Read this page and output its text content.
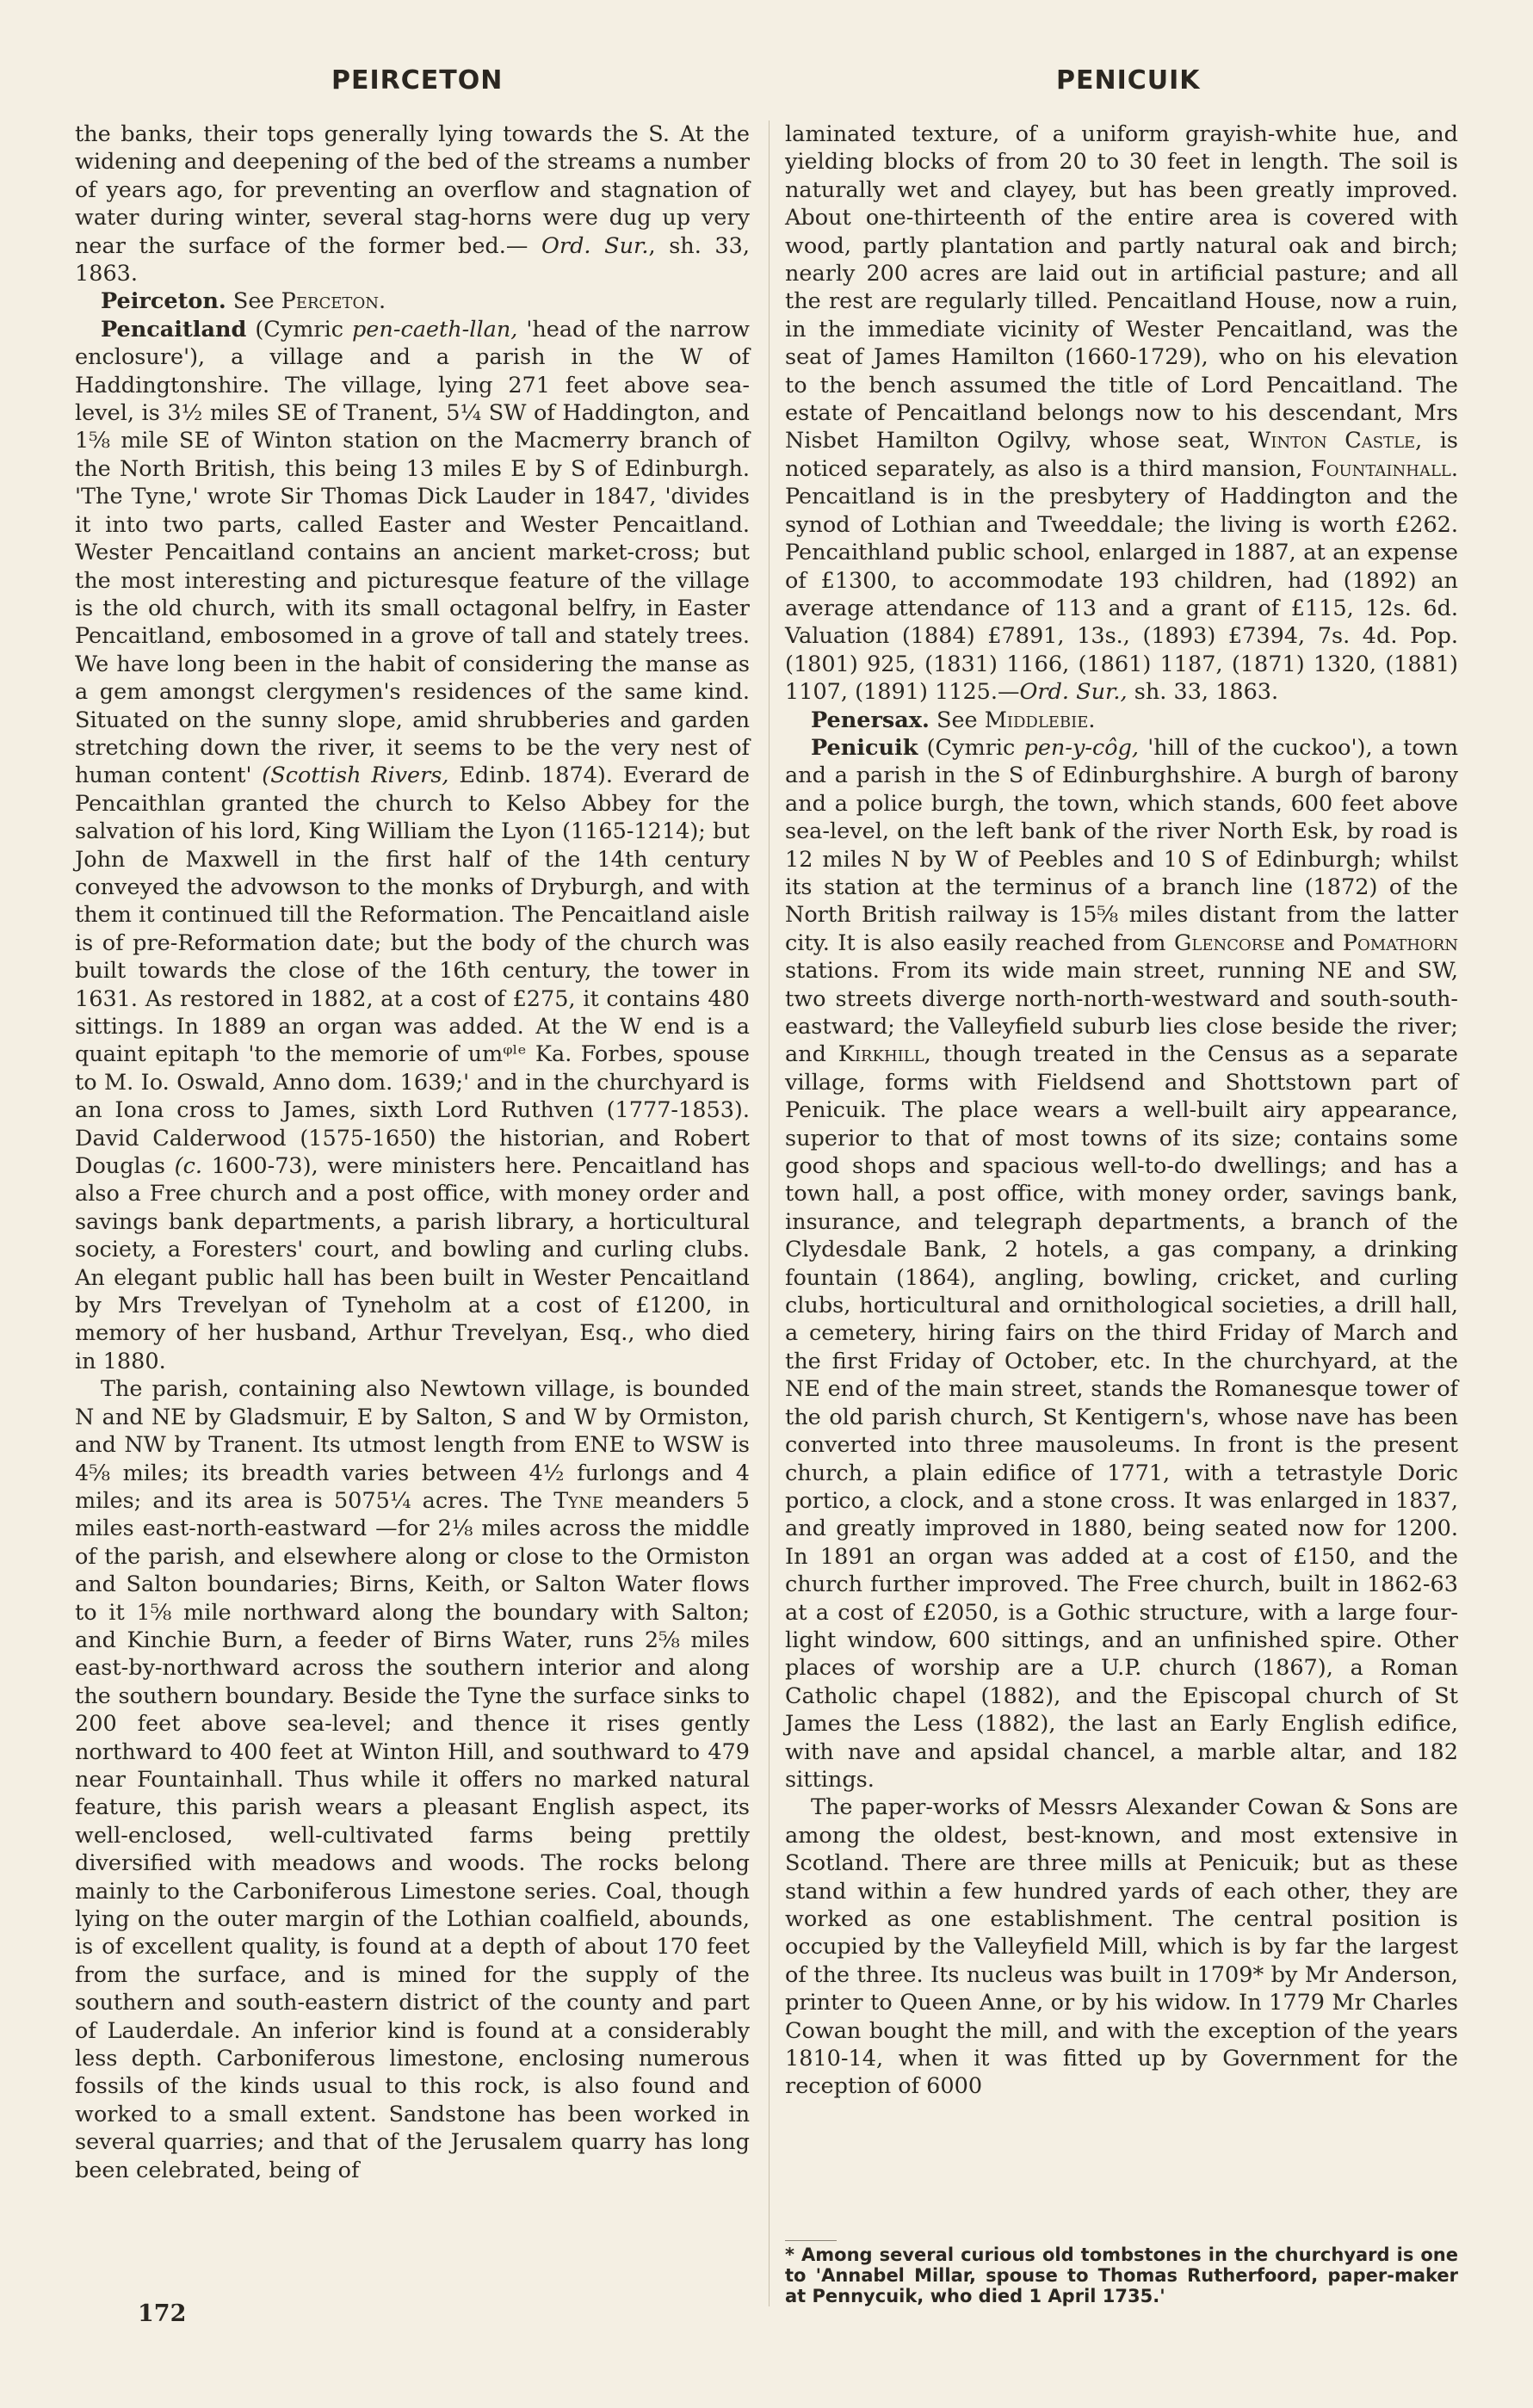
PEIRCETON	PENICUIK

the banks, their tops generally lying towards the S. At the widening and deepening of the bed of the streams a number of years ago, for preventing an overflow and stagnation of water during winter, several stag-horns were dug up very near the surface of the former bed.— Ord. Sur., sh. 33, 1863.

Peirceton. See Perceton.

Pencaitland (Cymric pen-caeth-llan, 'head of the narrow enclosure'), a village and a parish in the W of Haddingtonshire. The village, lying 271 feet above sea-level, is 3½ miles SE of Tranent, 5¼ SW of Haddington, and 1⅝ mile SE of Winton station on the Macmerry branch of the North British, this being 13 miles E by S of Edinburgh. 'The Tyne,' wrote Sir Thomas Dick Lauder in 1847, 'divides it into two parts, called Easter and Wester Pencaitland. Wester Pencaitland contains an ancient market-cross; but the most interesting and picturesque feature of the village is the old church, with its small octagonal belfry, in Easter Pencaitland, embosomed in a grove of tall and stately trees. We have long been in the habit of considering the manse as a gem amongst clergymen's residences of the same kind. Situated on the sunny slope, amid shrubberies and garden stretching down the river, it seems to be the very nest of human content' (Scottish Rivers, Edinb. 1874). Everard de Pencaithlan granted the church to Kelso Abbey for the salvation of his lord, King William the Lyon (1165-1214); but John de Maxwell in the first half of the 14th century conveyed the advowson to the monks of Dryburgh, and with them it continued till the Reformation. The Pencaitland aisle is of pre-Reformation date; but the body of the church was built towards the close of the 16th century, the tower in 1631. As restored in 1882, at a cost of £275, it contains 480 sittings. In 1889 an organ was added. At the W end is a quaint epitaph 'to the memorie of umᵠˡᵉ Ka. Forbes, spouse to M. Io. Oswald, Anno dom. 1639;' and in the churchyard is an Iona cross to James, sixth Lord Ruthven (1777-1853). David Calderwood (1575-1650) the historian, and Robert Douglas (c. 1600-73), were ministers here. Pencaitland has also a Free church and a post office, with money order and savings bank departments, a parish library, a horticultural society, a Foresters' court, and bowling and curling clubs. An elegant public hall has been built in Wester Pencaitland by Mrs Trevelyan of Tyneholm at a cost of £1200, in memory of her husband, Arthur Trevelyan, Esq., who died in 1880.

The parish, containing also Newtown village, is bounded N and NE by Gladsmuir, E by Salton, S and W by Ormiston, and NW by Tranent. Its utmost length from ENE to WSW is 4⅝ miles; its breadth varies between 4½ furlongs and 4 miles; and its area is 5075¼ acres. The Tyne meanders 5 miles east-north-eastward —for 2⅛ miles across the middle of the parish, and elsewhere along or close to the Ormiston and Salton boundaries; Birns, Keith, or Salton Water flows to it 1⅝ mile northward along the boundary with Salton; and Kinchie Burn, a feeder of Birns Water, runs 2⅝ miles east-by-northward across the southern interior and along the southern boundary. Beside the Tyne the surface sinks to 200 feet above sea-level; and thence it rises gently northward to 400 feet at Winton Hill, and southward to 479 near Fountainhall. Thus while it offers no marked natural feature, this parish wears a pleasant English aspect, its well-enclosed, well-cultivated farms being prettily diversified with meadows and woods. The rocks belong mainly to the Carboniferous Limestone series. Coal, though lying on the outer margin of the Lothian coalfield, abounds, is of excellent quality, is found at a depth of about 170 feet from the surface, and is mined for the supply of the southern and south-eastern district of the county and part of Lauderdale. An inferior kind is found at a considerably less depth. Carboniferous limestone, enclosing numerous fossils of the kinds usual to this rock, is also found and worked to a small extent. Sandstone has been worked in several quarries; and that of the Jerusalem quarry has long been celebrated, being of

laminated texture, of a uniform grayish-white hue, and yielding blocks of from 20 to 30 feet in length. The soil is naturally wet and clayey, but has been greatly improved. About one-thirteenth of the entire area is covered with wood, partly plantation and partly natural oak and birch; nearly 200 acres are laid out in artificial pasture; and all the rest are regularly tilled. Pencaitland House, now a ruin, in the immediate vicinity of Wester Pencaitland, was the seat of James Hamilton (1660-1729), who on his elevation to the bench assumed the title of Lord Pencaitland. The estate of Pencaitland belongs now to his descendant, Mrs Nisbet Hamilton Ogilvy, whose seat, Winton Castle, is noticed separately, as also is a third mansion, Fountainhall. Pencaitland is in the presbytery of Haddington and the synod of Lothian and Tweeddale; the living is worth £262. Pencaithland public school, enlarged in 1887, at an expense of £1300, to accommodate 193 children, had (1892) an average attendance of 113 and a grant of £115, 12s. 6d. Valuation (1884) £7891, 13s., (1893) £7394, 7s. 4d. Pop. (1801) 925, (1831) 1166, (1861) 1187, (1871) 1320, (1881) 1107, (1891) 1125.—Ord. Sur., sh. 33, 1863.

Penersax. See Middlebie.

Penicuik (Cymric pen-y-côg, 'hill of the cuckoo'), a town and a parish in the S of Edinburghshire. A burgh of barony and a police burgh, the town, which stands, 600 feet above sea-level, on the left bank of the river North Esk, by road is 12 miles N by W of Peebles and 10 S of Edinburgh; whilst its station at the terminus of a branch line (1872) of the North British railway is 15⅝ miles distant from the latter city. It is also easily reached from Glencorse and Pomathorn stations. From its wide main street, running NE and SW, two streets diverge north-north-westward and south-south-eastward; the Valleyfield suburb lies close beside the river; and Kirkhill, though treated in the Census as a separate village, forms with Fieldsend and Shottstown part of Penicuik. The place wears a well-built airy appearance, superior to that of most towns of its size; contains some good shops and spacious well-to-do dwellings; and has a town hall, a post office, with money order, savings bank, insurance, and telegraph departments, a branch of the Clydesdale Bank, 2 hotels, a gas company, a drinking fountain (1864), angling, bowling, cricket, and curling clubs, horticultural and ornithological societies, a drill hall, a cemetery, hiring fairs on the third Friday of March and the first Friday of October, etc. In the churchyard, at the NE end of the main street, stands the Romanesque tower of the old parish church, St Kentigern's, whose nave has been converted into three mausoleums. In front is the present church, a plain edifice of 1771, with a tetrastyle Doric portico, a clock, and a stone cross. It was enlarged in 1837, and greatly improved in 1880, being seated now for 1200. In 1891 an organ was added at a cost of £150, and the church further improved. The Free church, built in 1862-63 at a cost of £2050, is a Gothic structure, with a large four-light window, 600 sittings, and an unfinished spire. Other places of worship are a U.P. church (1867), a Roman Catholic chapel (1882), and the Episcopal church of St James the Less (1882), the last an Early English edifice, with nave and apsidal chancel, a marble altar, and 182 sittings.

The paper-works of Messrs Alexander Cowan & Sons are among the oldest, best-known, and most extensive in Scotland. There are three mills at Penicuik; but as these stand within a few hundred yards of each other, they are worked as one establishment. The central position is occupied by the Valleyfield Mill, which is by far the largest of the three. Its nucleus was built in 1709* by Mr Anderson, printer to Queen Anne, or by his widow. In 1779 Mr Charles Cowan bought the mill, and with the exception of the years 1810-14, when it was fitted up by Government for the reception of 6000

* Among several curious old tombstones in the churchyard is one to 'Annabel Millar, spouse to Thomas Rutherfoord, paper-maker at Pennycuik, who died 1 April 1735.'
172
